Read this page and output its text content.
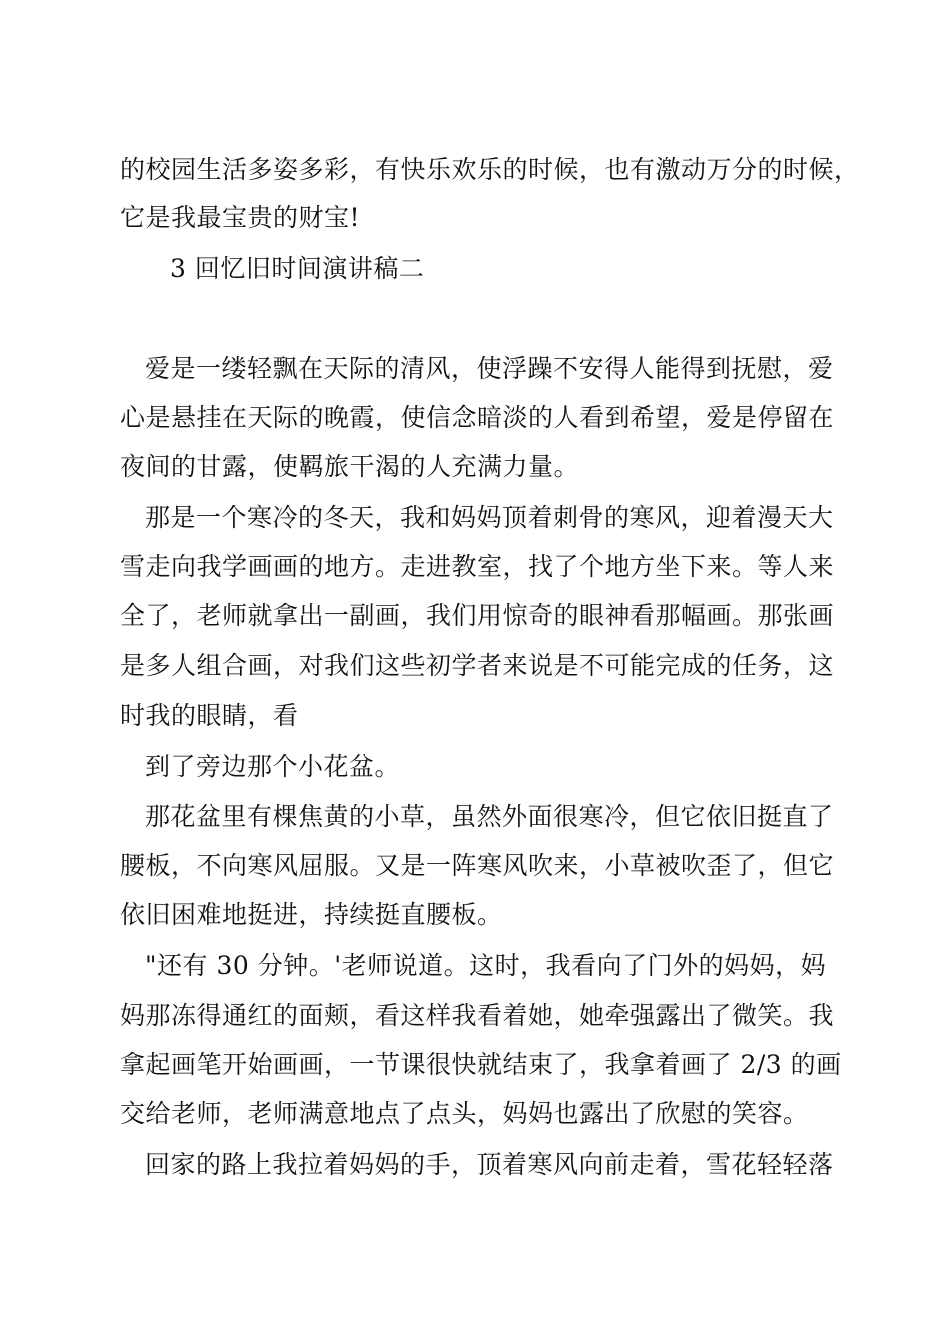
的校园生活多姿多彩，有快乐欢乐的时候，也有激动万分的时候，
它是我最宝贵的财宝!
3 回忆旧时间演讲稿二
爱是一缕轻飘在天际的清风，使浮躁不安得人能得到抚慰，爱
心是悬挂在天际的晚霞，使信念暗淡的人看到希望，爱是停留在
夜间的甘露，使羁旅干渴的人充满力量。
那是一个寒冷的冬天，我和妈妈顶着刺骨的寒风，迎着漫天大
雪走向我学画画的地方。走进教室，找了个地方坐下来。等人来
全了，老师就拿出一副画，我们用惊奇的眼神看那幅画。那张画
是多人组合画，对我们这些初学者来说是不可能完成的任务，这
时我的眼睛，看
到了旁边那个小花盆。
那花盆里有棵焦黄的小草，虽然外面很寒冷，但它依旧挺直了
腰板，不向寒风屈服。又是一阵寒风吹来，小草被吹歪了，但它
依旧困难地挺进，持续挺直腰板。
"还有 30 分钟。'老师说道。这时，我看向了门外的妈妈，妈
妈那冻得通红的面颊，看这样我看着她，她牵强露出了微笑。我
拿起画笔开始画画，一节课很快就结束了，我拿着画了 2/3 的画
交给老师，老师满意地点了点头，妈妈也露出了欣慰的笑容。
回家的路上我拉着妈妈的手，顶着寒风向前走着，雪花轻轻落
